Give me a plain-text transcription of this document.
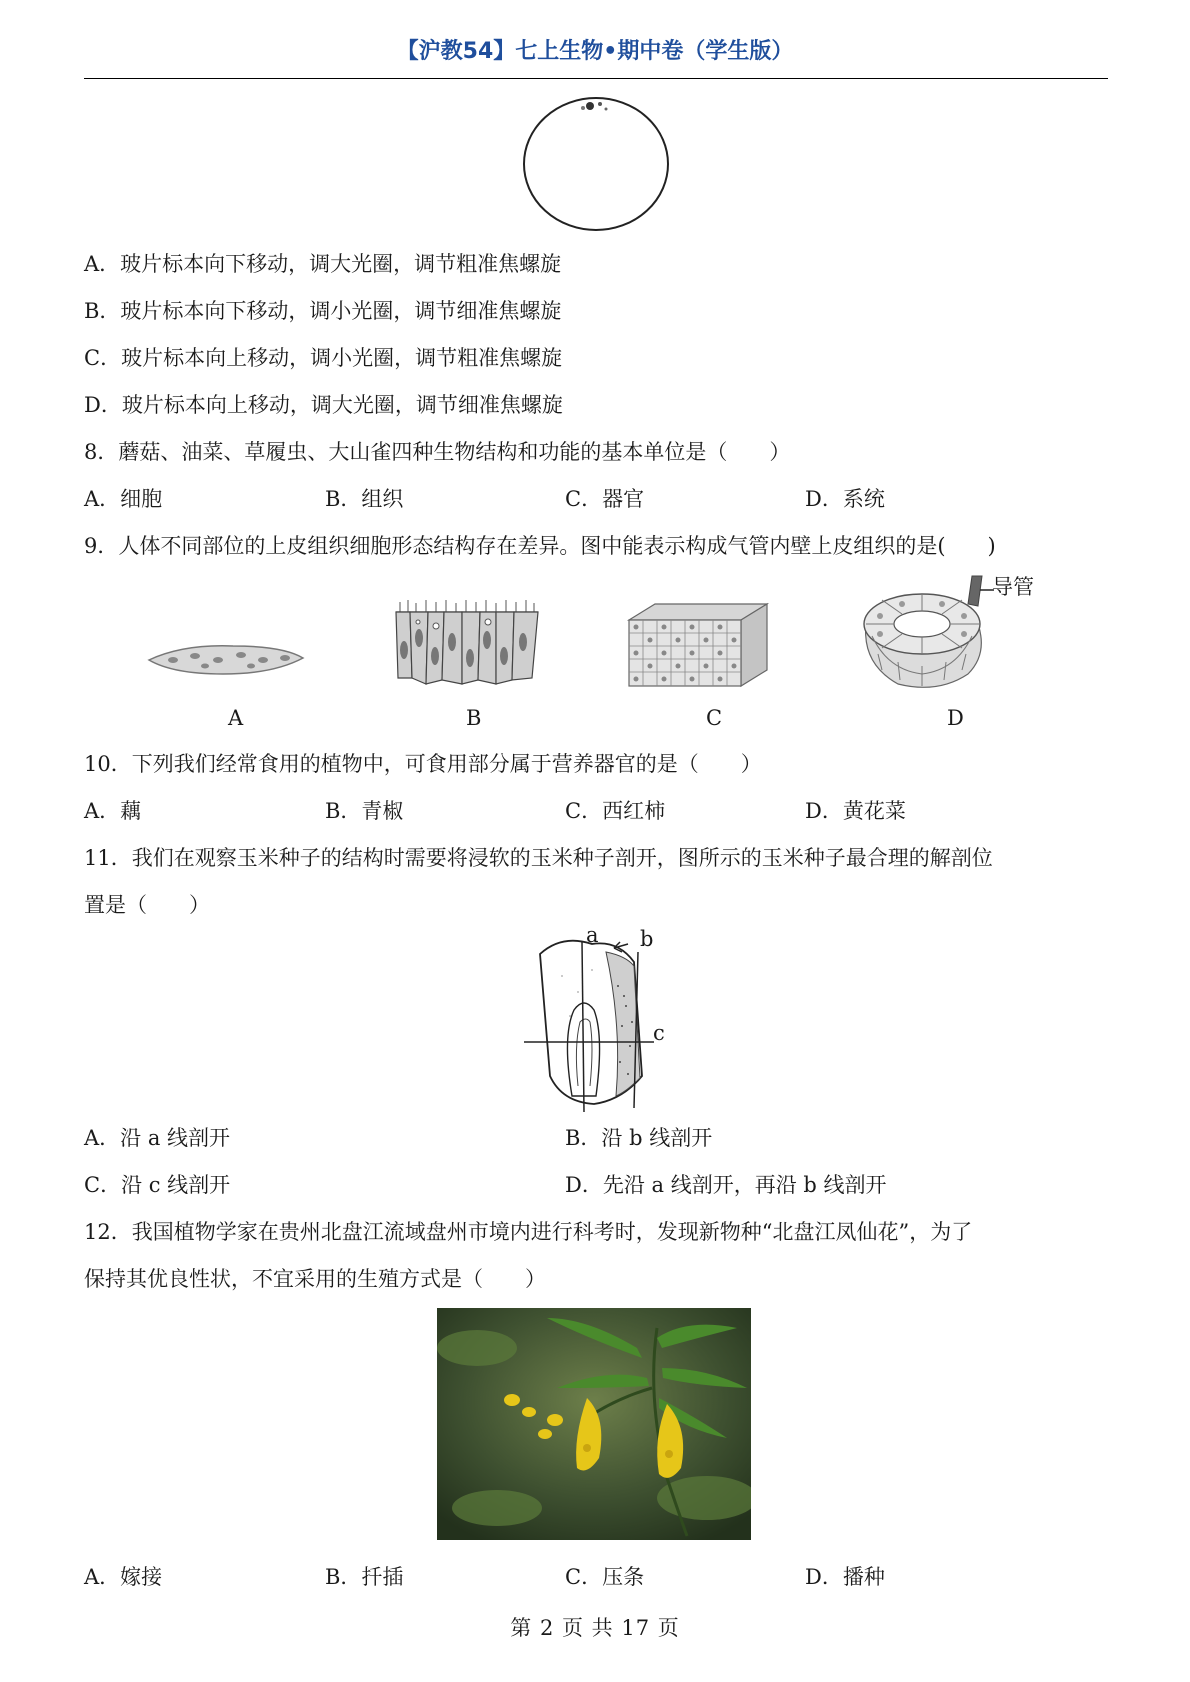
【沪教54】七上生物•期中卷（学生版）
A．玻片标本向下移动，调大光圈，调节粗准焦螺旋
B．玻片标本向下移动，调小光圈，调节细准焦螺旋
C．玻片标本向上移动，调小光圈，调节粗准焦螺旋
D．玻片标本向上移动，调大光圈，调节细准焦螺旋
8．蘑菇、油菜、草履虫、大山雀四种生物结构和功能的基本单位是（　　）
A．细胞	B．组织	C．器官	D．系统
9．人体不同部位的上皮组织细胞形态结构存在差异。图中能表示构成气管内壁上皮组织的是(　　)
导管
A	B	C	D
10．下列我们经常食用的植物中，可食用部分属于营养器官的是（　　）
A．藕	B．青椒	C．西红柿	D．黄花菜
11．我们在观察玉米种子的结构时需要将浸软的玉米种子剖开，图所示的玉米种子最合理的解剖位
置是（　　）
a b
c
A．沿 a 线剖开	B．沿 b 线剖开
C．沿 c 线剖开	D．先沿 a 线剖开，再沿 b 线剖开
12．我国植物学家在贵州北盘江流域盘州市境内进行科考时，发现新物种“北盘江凤仙花”，为了
保持其优良性状，不宜采用的生殖方式是（　　）
A．嫁接	B．扦插	C．压条	D．播种
第 2 页 共 17 页
